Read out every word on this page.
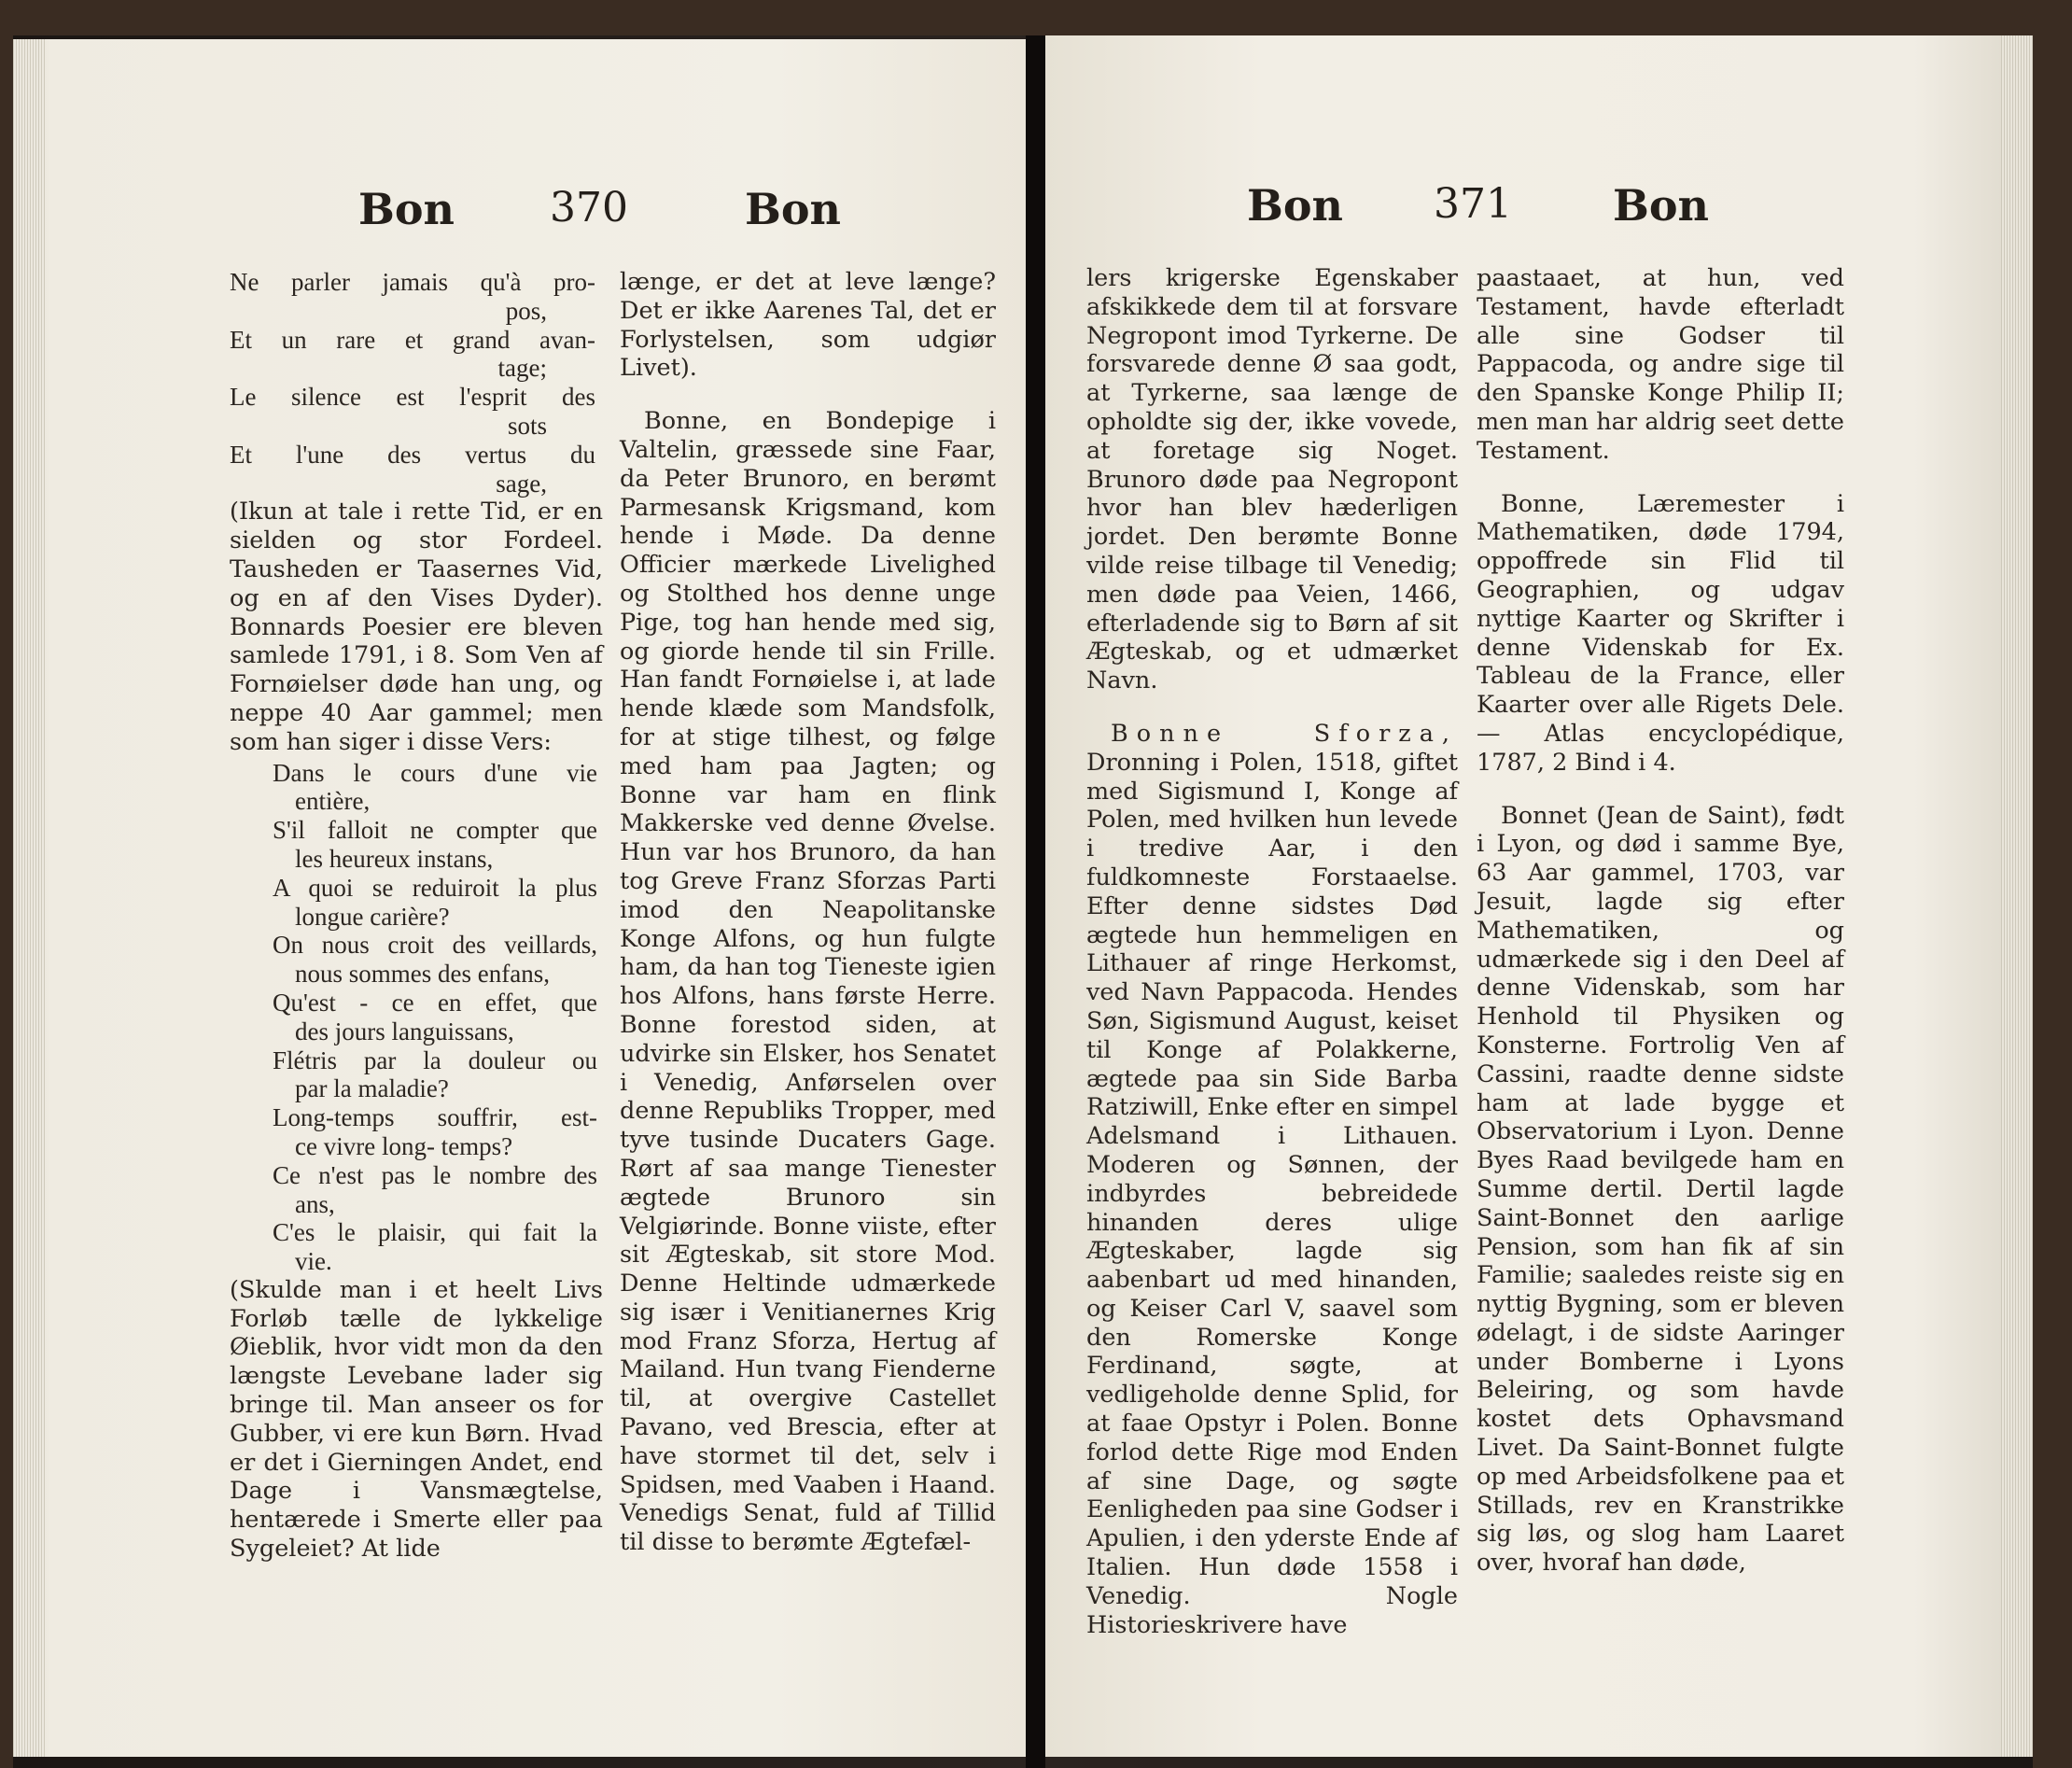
Bon 370	Bon
Ne parler jamais qu'à pro-
pos,
Et un rare et grand avan-
tage;
Le silence est l'esprit des
sots
Et l'une des vertus du
sage,

(Ikun at tale i rette Tid, er en sielden og stor Fordeel. Tausheden er Taasernes Vid, og en af den Vises Dyder). Bonnards Poesier ere bleven samlede 1791, i 8. Som Ven af Fornøielser døde han ung, og neppe 40 Aar gammel; men som han siger i disse Vers:

Dans le cours d'une vie
entière,
S'il falloit ne compter que
les heureux instans,
A quoi se reduiroit la plus
longue carière?
On nous croit des veillards,
nous sommes des enfans,
Qu'est - ce en effet, que
des jours languissans,
Flétris par la douleur ou
par la maladie?
Long-temps souffrir, est-
ce vivre long- temps?
Ce n'est pas le nombre des
ans,
C'es le plaisir, qui fait la
vie.

(Skulde man i et heelt Livs Forløb tælle de lykkelige Øieblik, hvor vidt mon da den længste Levebane lader sig bringe til. Man anseer os for Gubber, vi ere kun Børn. Hvad er det i Gierningen Andet, end Dage i Vansmægtelse, hentærede i Smerte eller paa Sygeleiet? At lide

længe, er det at leve længe? Det er ikke Aarenes Tal, det er Forlystelsen, som udgiør Livet).

Bonne, en Bondepige i Valtelin, græssede sine Faar, da Peter Brunoro, en berømt Parmesansk Krigsmand, kom hende i Møde. Da denne Officier mærkede Livelighed og Stolthed hos denne unge Pige, tog han hende med sig, og giorde hende til sin Frille. Han fandt Fornøielse i, at lade hende klæde som Mandsfolk, for at stige tilhest, og følge med ham paa Jagten; og Bonne var ham en flink Makkerske ved denne Øvelse. Hun var hos Brunoro, da han tog Greve Franz Sforzas Parti imod den Neapolitanske Konge Alfons, og hun fulgte ham, da han tog Tieneste igien hos Alfons, hans første Herre. Bonne forestod siden, at udvirke sin Elsker, hos Senatet i Venedig, Anførselen over denne Republiks Tropper, med tyve tusinde Ducaters Gage. Rørt af saa mange Tienester ægtede Brunoro sin Velgiørinde. Bonne viiste, efter sit Ægteskab, sit store Mod. Denne Heltinde udmærkede sig især i Venitianernes Krig mod Franz Sforza, Hertug af Mailand. Hun tvang Fienderne til, at overgive Castellet Pavano, ved Brescia, efter at have stormet til det, selv i Spidsen, med Vaaben i Haand. Venedigs Senat, fuld af Tillid til disse to berømte Ægtefæl-

Bon 371 Bon

lers krigerske Egenskaber afskikkede dem til at forsvare Negropont imod Tyrkerne. De forsvarede denne Ø saa godt, at Tyrkerne, saa længe de opholdte sig der, ikke vovede, at foretage sig Noget. Brunoro døde paa Negropont hvor han blev hæderligen jordet. Den berømte Bonne vilde reise tilbage til Venedig; men døde paa Veien, 1466, efterladende sig to Børn af sit Ægteskab, og et udmærket Navn.

Bonne Sforza, Dronning i Polen, 1518, giftet med Sigismund I, Konge af Polen, med hvilken hun levede i tredive Aar, i den fuldkomneste Forstaaelse. Efter denne sidstes Død ægtede hun hemmeligen en Lithauer af ringe Herkomst, ved Navn Pappacoda. Hendes Søn, Sigismund August, keiset til Konge af Polakkerne, ægtede paa sin Side Barba Ratziwill, Enke efter en simpel Adelsmand i Lithauen. Moderen og Sønnen, der indbyrdes bebreidede hinanden deres ulige Ægteskaber, lagde sig aabenbart ud med hinanden, og Keiser Carl V, saavel som den Romerske Konge Ferdinand, søgte, at vedligeholde denne Splid, for at faae Opstyr i Polen. Bonne forlod dette Rige mod Enden af sine Dage, og søgte Eenligheden paa sine Godser i Apulien, i den yderste Ende af Italien. Hun døde 1558 i Venedig. Nogle Historieskrivere have

paastaaet, at hun, ved Testament, havde efterladt alle sine Godser til Pappacoda, og andre sige til den Spanske Konge Philip II; men man har aldrig seet dette Testament.

Bonne, Læremester i Mathematiken, døde 1794, oppoffrede sin Flid til Geographien, og udgav nyttige Kaarter og Skrifter i denne Videnskab for Ex. Tableau de la France, eller Kaarter over alle Rigets Dele. — Atlas encyclopédique, 1787, 2 Bind i 4.

Bonnet (Jean de Saint), født i Lyon, og død i samme Bye, 63 Aar gammel, 1703, var Jesuit, lagde sig efter Mathematiken, og udmærkede sig i den Deel af denne Videnskab, som har Henhold til Physiken og Konsterne. Fortrolig Ven af Cassini, raadte denne sidste ham at lade bygge et Observatorium i Lyon. Denne Byes Raad bevilgede ham en Summe dertil. Dertil lagde Saint-Bonnet den aarlige Pension, som han fik af sin Familie; saaledes reiste sig en nyttig Bygning, som er bleven ødelagt, i de sidste Aaringer under Bomberne i Lyons Beleiring, og som havde kostet dets Ophavsmand Livet. Da Saint-Bonnet fulgte op med Arbeidsfolkene paa et Stillads, rev en Kranstrikke sig løs, og slog ham Laaret over, hvoraf han døde,
